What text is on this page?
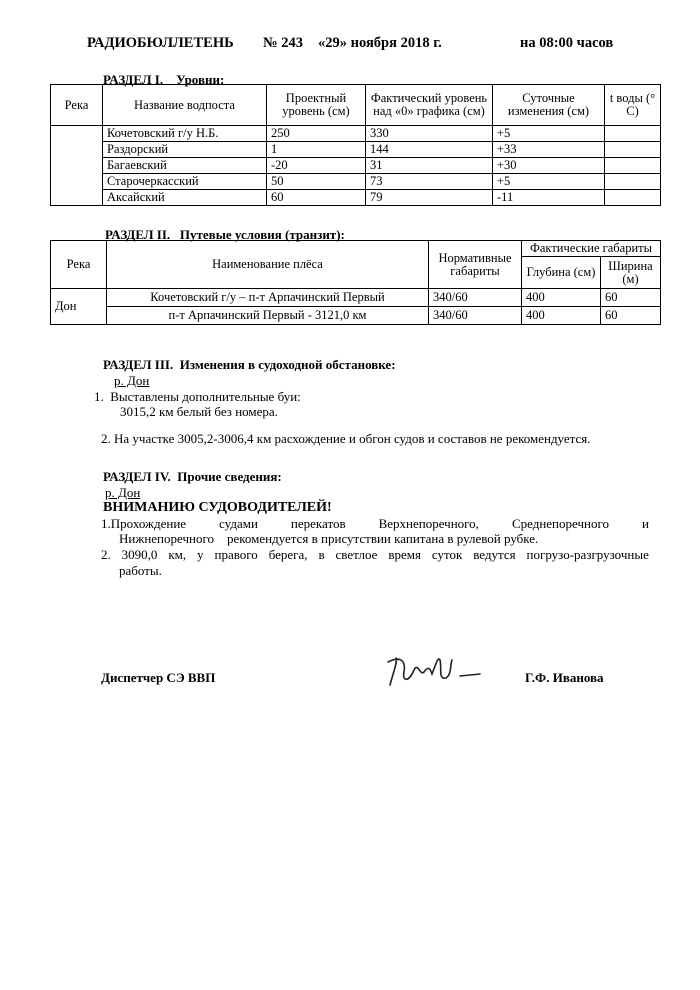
РАДИОБЮЛЛЕТЕНЬ № 243 «29» ноября 2018 г.	на 08:00 часов
РАЗДЕЛ I.    Уровни:
Река	Название водпоста	Проектный уровень (см)	Фактический уровень над «0» графика (см)	Суточные изменения (см)	t воды (° С)
	Кочетовский г/у Н.Б.	250	330	+5	
	Раздорский	1	144	+33	
	Багаевский	-20	31	+30	
	Старочеркасский	50	73	+5	
	Аксайский	60	79	-11	
РАЗДЕЛ II.   Путевые условия (транзит):
Река	Наименование плёса	Нормативные габариты	Фактические габариты	
			Глубина (см)	Ширина (м)
Дон	Кочетовский г/у – п-т Арпачинский Первый	340/60	400	60
	п-т Арпачинский Первый - 3121,0 км	340/60	400	60
РАЗДЕЛ III.  Изменения в судоходной обстановке:
р. Дон
1.  Выставлены дополнительные буи:
3015,2 км белый без номера.
2. На участке 3005,2-3006,4 км расхождение и обгон судов и составов не рекомендуется.
РАЗДЕЛ IV.  Прочие сведения:
р. Дон
ВНИМАНИЮ СУДОВОДИТЕЛЕЙ!
1.Прохождение	судами	перекатов	Верхнепоречного,	Среднепоречного	и
Нижнепоречного    рекомендуется в присутствии капитана в рулевой рубке.
2. 3090,0 км, у правого берега, в светлое время суток ведутся погрузо-разгрузочные
работы.
Диспетчер СЭ ВВП	Г.Ф. Иванова
